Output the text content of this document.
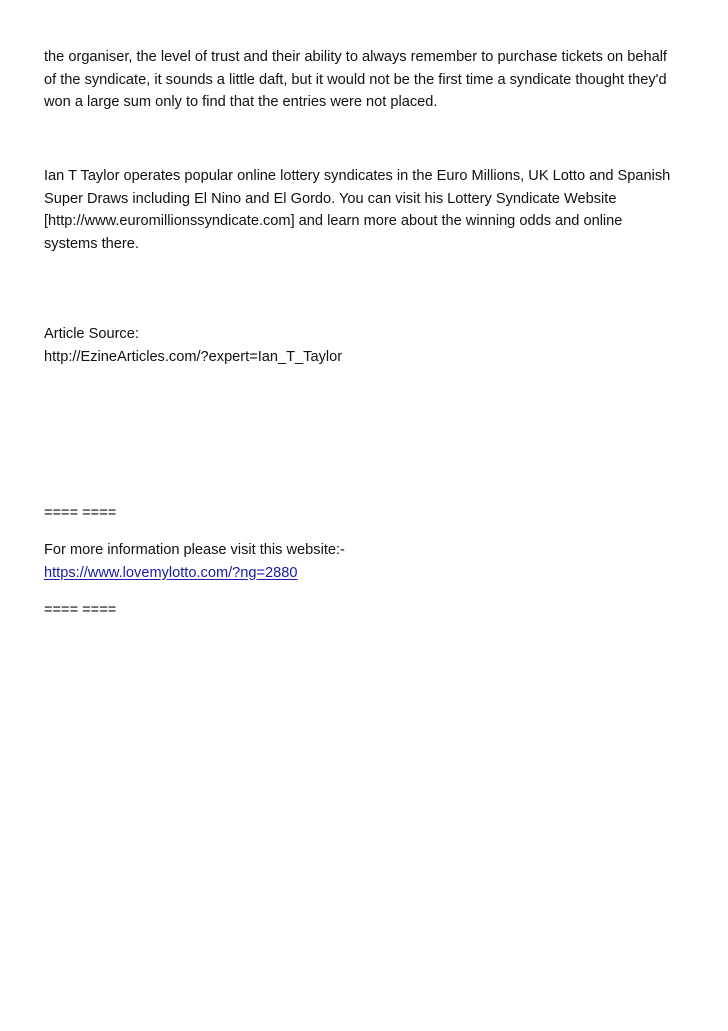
the organiser, the level of trust and their ability to always remember to purchase tickets on behalf
of the syndicate, it sounds a little daft, but it would not be the first time a syndicate thought they'd
won a large sum only to find that the entries were not placed.

Ian T Taylor operates popular online lottery syndicates in the Euro Millions, UK Lotto and Spanish
Super Draws including El Nino and El Gordo. You can visit his Lottery Syndicate Website
[http://www.euromillionssyndicate.com] and learn more about the winning odds and online
systems there.

Article Source:
http://EzineArticles.com/?expert=Ian_T_Taylor

==== ====

For more information please visit this website:-
https://www.lovemylotto.com/?ng=2880

==== ====
